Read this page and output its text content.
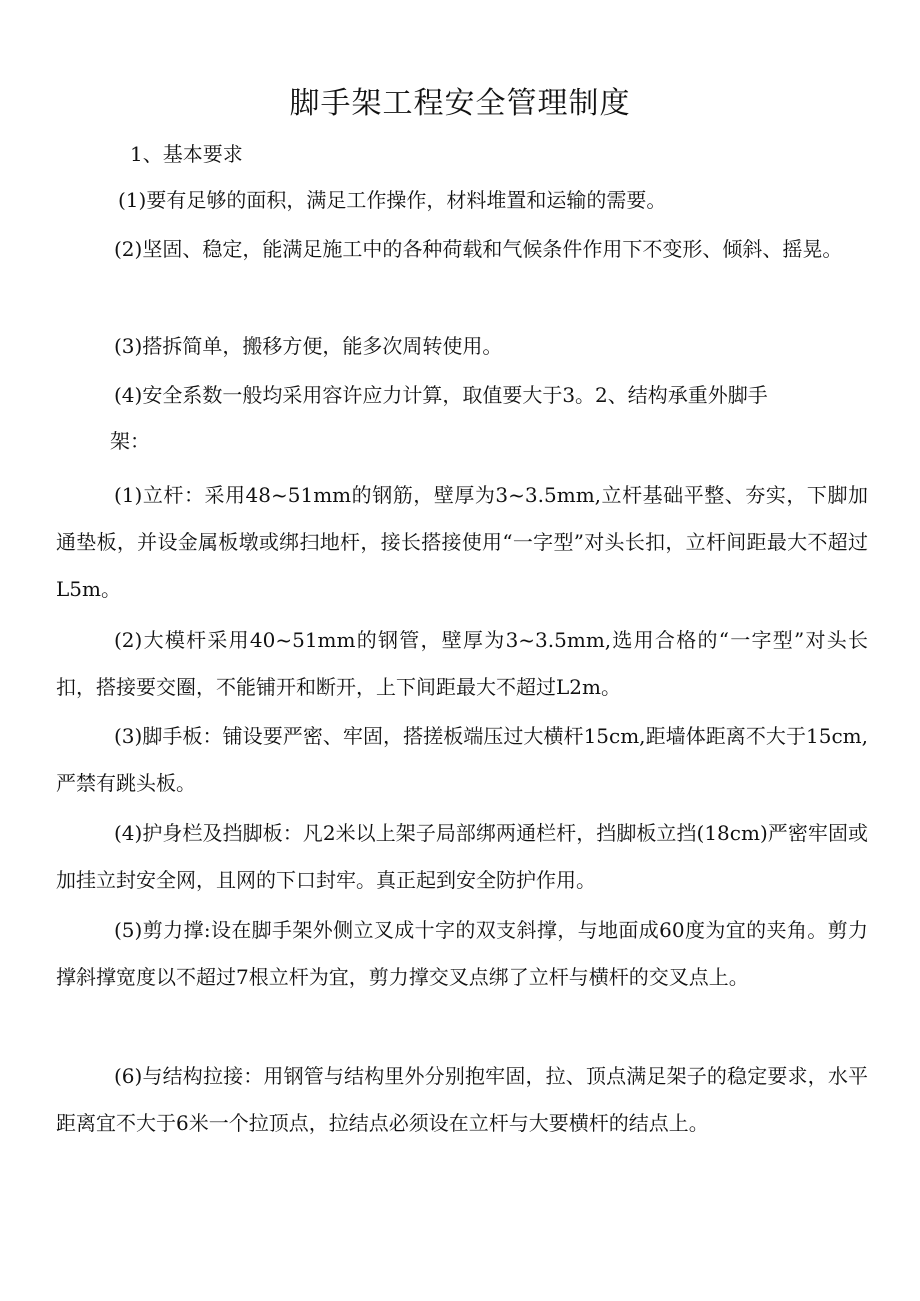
脚手架工程安全管理制度

1、基本要求

(1)要有足够的面积，满足工作操作，材料堆置和运输的需要。

(2)坚固、稳定，能满足施工中的各种荷载和气候条件作用下不变形、倾斜、摇晃。

(3)搭拆简单，搬移方便，能多次周转使用。

(4)安全系数一般均采用容许应力计算，取值要大于3。2、结构承重外脚手

架：

(1)立杆：采用48~51mm的钢筋，壁厚为3~3.5mm,立杆基础平整、夯实，下脚加通垫板，并设金属板墩或绑扫地杆，接长搭接使用“一字型”对头长扣，立杆间距最大不超过L5m。

(2)大模杆采用40~51mm的钢管，壁厚为3~3.5mm,选用合格的“一字型”对头长扣，搭接要交圈，不能铺开和断开，上下间距最大不超过L2m。

(3)脚手板：铺设要严密、牢固，搭搓板端压过大横杆15cm,距墙体距离不大于15cm,严禁有跳头板。

(4)护身栏及挡脚板：凡2米以上架子局部绑两通栏杆，挡脚板立挡(18cm)严密牢固或加挂立封安全网，且网的下口封牢。真正起到安全防护作用。

(5)剪力撑:设在脚手架外侧立叉成十字的双支斜撑，与地面成60度为宜的夹角。剪力撑斜撑宽度以不超过7根立杆为宜，剪力撑交叉点绑了立杆与横杆的交叉点上。

(6)与结构拉接：用钢管与结构里外分别抱牢固，拉、顶点满足架子的稳定要求，水平距离宜不大于6米一个拉顶点，拉结点必须设在立杆与大要横杆的结点上。
